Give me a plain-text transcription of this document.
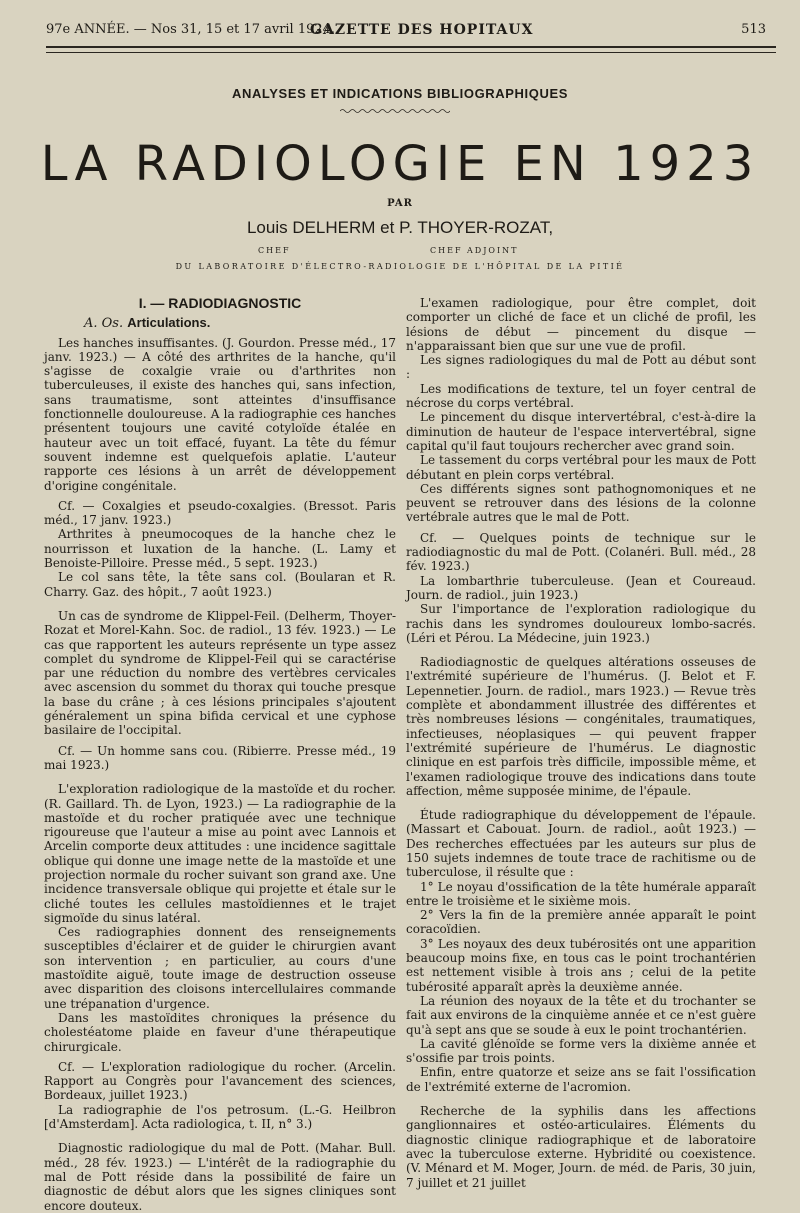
97e ANNÉE. — Nos 31, 15 et 17 avril 1924.
GAZETTE DES HOPITAUX	513
ANALYSES ET INDICATIONS BIBLIOGRAPHIQUES
LA RADIOLOGIE EN 1923
PAR
Louis DELHERM et P. THOYER-ROZAT,
CHEF	CHEF ADJOINT
DU LABORATOIRE D'ÉLECTRO-RADIOLOGIE DE L'HÔPITAL DE LA PITIÉ
I. — RADIODIAGNOSTIC
A. Os. Articulations.

Les hanches insuffisantes. (J. Gourdon. Presse méd., 17 janv. 1923.) — A côté des arthrites de la hanche, qu'il s'agisse de coxalgie vraie ou d'arthrites non tuberculeuses, il existe des hanches qui, sans infection, sans traumatisme, sont atteintes d'insuffisance fonctionnelle douloureuse. A la radiographie ces hanches présentent toujours une cavité cotyloïde étalée en hauteur avec un toit effacé, fuyant. La tête du fémur souvent indemne est quelquefois aplatie. L'auteur rapporte ces lésions à un arrêt de développement d'origine congénitale.

Cf. — Coxalgies et pseudo-coxalgies. (Bressot. Paris méd., 17 janv. 1923.)

Arthrites à pneumocoques de la hanche chez le nourrisson et luxation de la hanche. (L. Lamy et Benoiste-Pilloire. Presse méd., 5 sept. 1923.)

Le col sans tête, la tête sans col. (Boularan et R. Charry. Gaz. des hôpit., 7 août 1923.)

Un cas de syndrome de Klippel-Feil. (Delherm, Thoyer-Rozat et Morel-Kahn. Soc. de radiol., 13 fév. 1923.) — Le cas que rapportent les auteurs représente un type assez complet du syndrome de Klippel-Feil qui se caractérise par une réduction du nombre des vertèbres cervicales avec ascension du sommet du thorax qui touche presque la base du crâne ; à ces lésions principales s'ajoutent généralement un spina bifida cervical et une cyphose basilaire de l'occipital.

Cf. — Un homme sans cou. (Ribierre. Presse méd., 19 mai 1923.)

L'exploration radiologique de la mastoïde et du rocher. (R. Gaillard. Th. de Lyon, 1923.) — La radiographie de la mastoïde et du rocher pratiquée avec une technique rigoureuse que l'auteur a mise au point avec Lannois et Arcelin comporte deux attitudes : une incidence sagittale oblique qui donne une image nette de la mastoïde et une projection normale du rocher suivant son grand axe. Une incidence transversale oblique qui projette et étale sur le cliché toutes les cellules mastoïdiennes et le trajet sigmoïde du sinus latéral.

Ces radiographies donnent des renseignements susceptibles d'éclairer et de guider le chirurgien avant son intervention ; en particulier, au cours d'une mastoïdite aiguë, toute image de destruction osseuse avec disparition des cloisons intercellulaires commande une trépanation d'urgence.

Dans les mastoïdites chroniques la présence du cholestéatome plaide en faveur d'une thérapeutique chirurgicale.

Cf. — L'exploration radiologique du rocher. (Arcelin. Rapport au Congrès pour l'avancement des sciences, Bordeaux, juillet 1923.)

La radiographie de l'os petrosum. (L.-G. Heilbron [d'Amsterdam]. Acta radiologica, t. II, n° 3.)

Diagnostic radiologique du mal de Pott. (Mahar. Bull. méd., 28 fév. 1923.) — L'intérêt de la radiographie du mal de Pott réside dans la possibilité de faire un diagnostic de début alors que les signes cliniques sont encore douteux.

L'examen radiologique, pour être complet, doit comporter un cliché de face et un cliché de profil, les lésions de début — pincement du disque — n'apparaissant bien que sur une vue de profil.

Les signes radiologiques du mal de Pott au début sont :

Les modifications de texture, tel un foyer central de nécrose du corps vertébral.

Le pincement du disque intervertébral, c'est-à-dire la diminution de hauteur de l'espace intervertébral, signe capital qu'il faut toujours rechercher avec grand soin.

Le tassement du corps vertébral pour les maux de Pott débutant en plein corps vertébral.

Ces différents signes sont pathognomoniques et ne peuvent se retrouver dans des lésions de la colonne vertébrale autres que le mal de Pott.

Cf. — Quelques points de technique sur le radiodiagnostic du mal de Pott. (Colanéri. Bull. méd., 28 fév. 1923.)

La lombarthrie tuberculeuse. (Jean et Coureaud. Journ. de radiol., juin 1923.)

Sur l'importance de l'exploration radiologique du rachis dans les syndromes douloureux lombo-sacrés. (Léri et Pérou. La Médecine, juin 1923.)

Radiodiagnostic de quelques altérations osseuses de l'extrémité supérieure de l'humérus. (J. Belot et F. Lepennetier. Journ. de radiol., mars 1923.) — Revue très complète et abondamment illustrée des différentes et très nombreuses lésions — congénitales, traumatiques, infectieuses, néoplasiques — qui peuvent frapper l'extrémité supérieure de l'humérus. Le diagnostic clinique en est parfois très difficile, impossible même, et l'examen radiologique trouve des indications dans toute affection, même supposée minime, de l'épaule.

Étude radiographique du développement de l'épaule. (Massart et Cabouat. Journ. de radiol., août 1923.) — Des recherches effectuées par les auteurs sur plus de 150 sujets indemnes de toute trace de rachitisme ou de tuberculose, il résulte que :

1° Le noyau d'ossification de la tête humérale apparaît entre le troisième et le sixième mois.

2° Vers la fin de la première année apparaît le point coracoïdien.

3° Les noyaux des deux tubérosités ont une apparition beaucoup moins fixe, en tous cas le point trochantérien est nettement visible à trois ans ; celui de la petite tubérosité apparaît après la deuxième année.

La réunion des noyaux de la tête et du trochanter se fait aux environs de la cinquième année et ce n'est guère qu'à sept ans que se soude à eux le point trochantérien.

La cavité glénoïde se forme vers la dixième année et s'ossifie par trois points.

Enfin, entre quatorze et seize ans se fait l'ossification de l'extrémité externe de l'acromion.

Recherche de la syphilis dans les affections ganglionnaires et ostéo-articulaires. Éléments du diagnostic clinique radiographique et de laboratoire avec la tuberculose externe. Hybridité ou coexistence. (V. Ménard et M. Moger, Journ. de méd. de Paris, 30 juin, 7 juillet et 21 juillet
